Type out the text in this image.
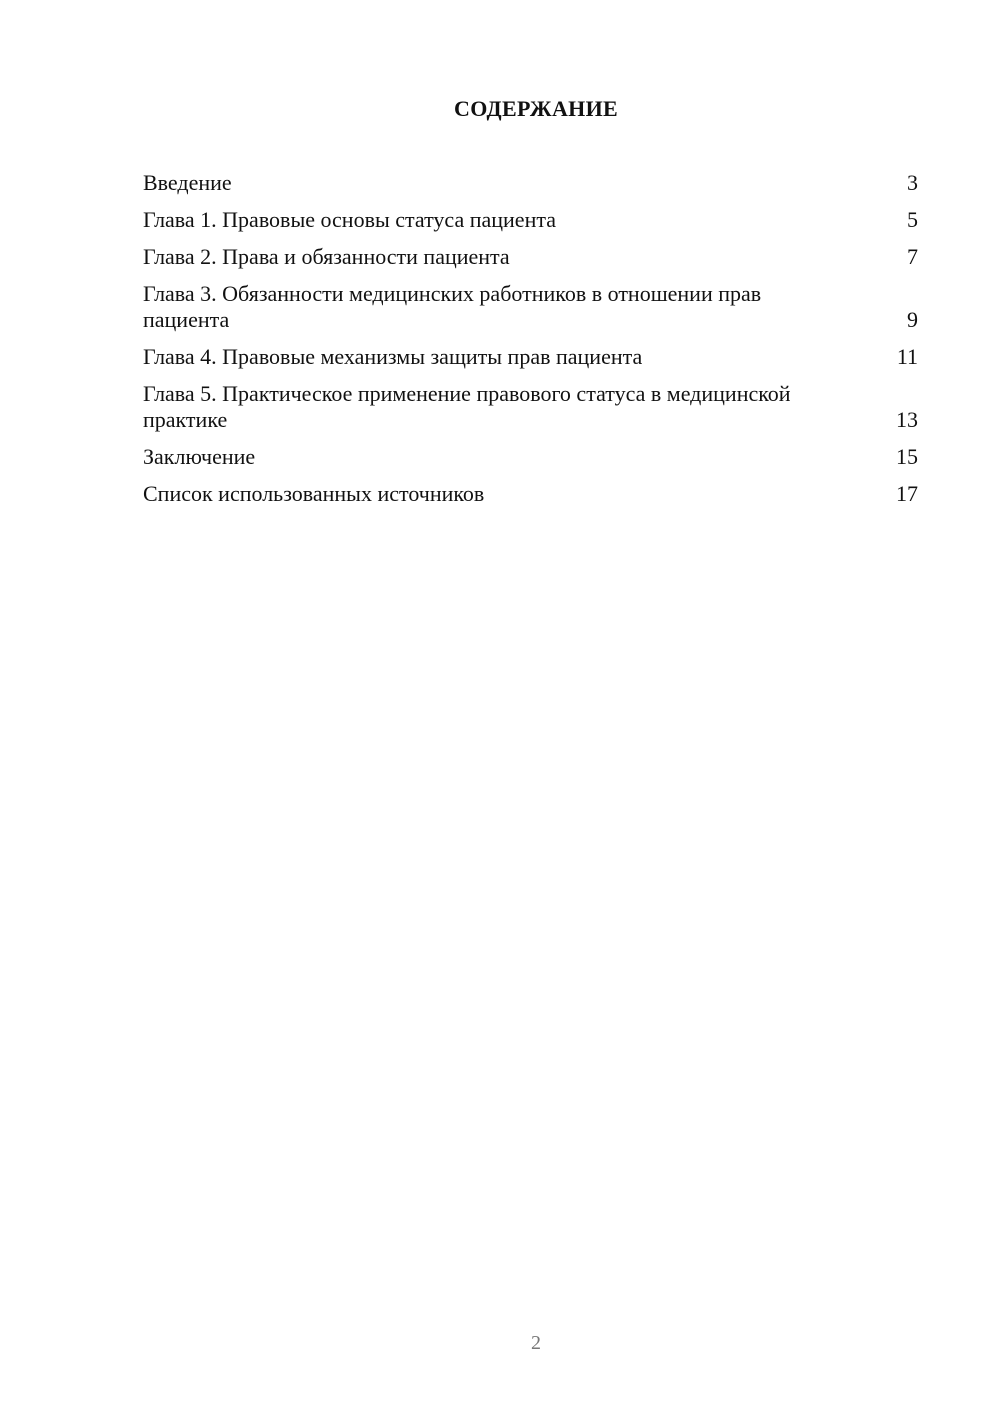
СОДЕРЖАНИЕ
Введение	3
Глава 1. Правовые основы статуса пациента	5
Глава 2. Права и обязанности пациента	7
Глава 3. Обязанности медицинских работников в отношении прав пациента	9
Глава 4. Правовые механизмы защиты прав пациента	11
Глава 5. Практическое применение правового статуса в медицинской практике	13
Заключение	15
Список использованных источников	17
2
